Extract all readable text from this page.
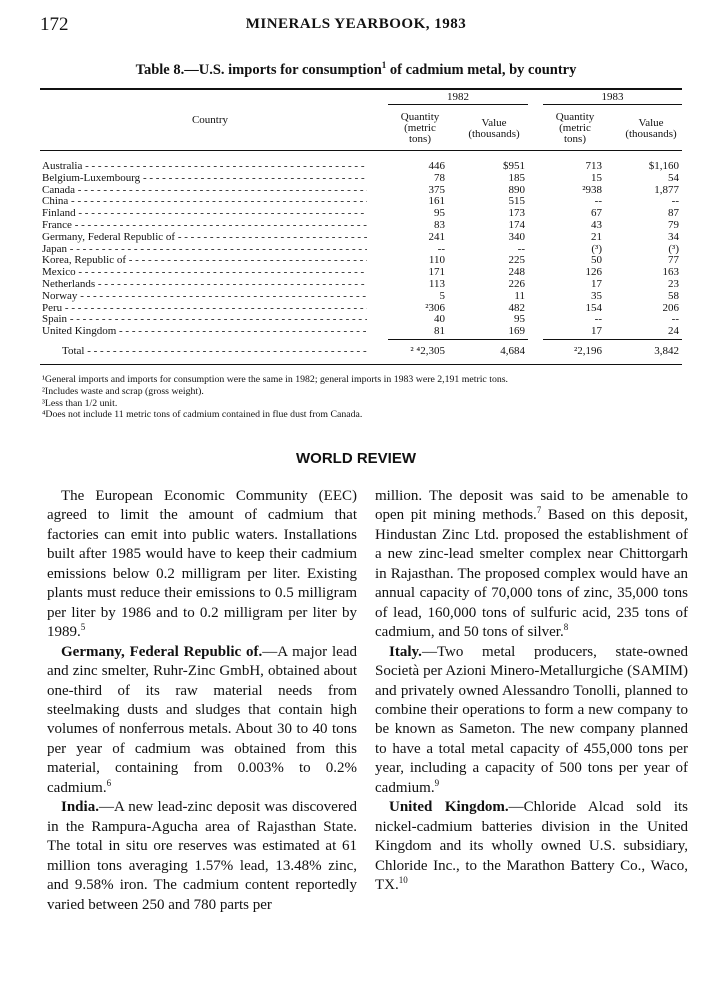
172	MINERALS YEARBOOK, 1983
Table 8.—U.S. imports for consumption$^1$ of cadmium metal, by country
1982	1983
Country	Quantity
(metric
tons)
Value
(thousands)
Quantity
(metric
tons)
Value
(thousands)
Australia - - -	446	$951	713	$1,160
Belgium-Luxembourg - - -	78	185	15	54
Canada - - -	375	890	²938	1,877
China - - -	161	515	--	--
Finland - - -	95	173	67	87
France - - -	83	174	43	79
Germany, Federal Republic of - - -	241	340	21	34
Japan - - -	--	--	(³)	(³)
Korea, Republic of - - -	110	225	50	77
Mexico - - -	171	248	126	163
Netherlands - - -	113	226	17	23
Norway - - -	5	11	35	58
Peru - - -	²306	482	154	206
Spain - - -	40	95	--	--
United Kingdom - - -	81	169	17	24
Total - - -	² ⁴2,305	4,684	²2,196	3,842
¹General imports and imports for consumption were the same in 1982; general imports in 1983 were 2,191 metric tons.
²Includes waste and scrap (gross weight).
³Less than 1/2 unit.
⁴Does not include 11 metric tons of cadmium contained in flue dust from Canada.
WORLD REVIEW

The European Economic Community (EEC) agreed to limit the amount of cadmium that factories can emit into public waters. Installations built after 1985 would have to keep their cadmium emissions below 0.2 milligram per liter. Existing plants must reduce their emissions to 0.5 milligram per liter by 1986 and to 0.2 milligram per liter by 1989.$^5$

Germany, Federal Republic of.—A major lead and zinc smelter, Ruhr-Zinc GmbH, obtained about one-third of its raw material needs from steelmaking dusts and sludges that contain high volumes of nonferrous metals. About 30 to 40 tons per year of cadmium was obtained from this material, containing from 0.003% to 0.2% cadmium.$^6$

India.—A new lead-zinc deposit was discovered in the Rampura-Agucha area of Rajasthan State. The total in situ ore reserves was estimated at 61 million tons averaging 1.57% lead, 13.48% zinc, and 9.58% iron. The cadmium content reportedly varied between 250 and 780 parts per

million. The deposit was said to be amenable to open pit mining methods.$^7$ Based on this deposit, Hindustan Zinc Ltd. proposed the establishment of a new zinc-lead smelter complex near Chittorgarh in Rajasthan. The proposed complex would have an annual capacity of 70,000 tons of zinc, 35,000 tons of lead, 160,000 tons of sulfuric acid, 235 tons of cadmium, and 50 tons of silver.$^8$

Italy.—Two metal producers, state-owned Società per Azioni Minero-Metallurgiche (SAMIM) and privately owned Alessandro Tonolli, planned to combine their operations to form a new company to be known as Sameton. The new company planned to have a total metal capacity of 455,000 tons per year, including a capacity of 500 tons per year of cadmium.$^9$

United Kingdom.—Chloride Alcad sold its nickel-cadmium batteries division in the United Kingdom and its wholly owned U.S. subsidiary, Chloride Inc., to the Marathon Battery Co., Waco, TX.$^{10}$
